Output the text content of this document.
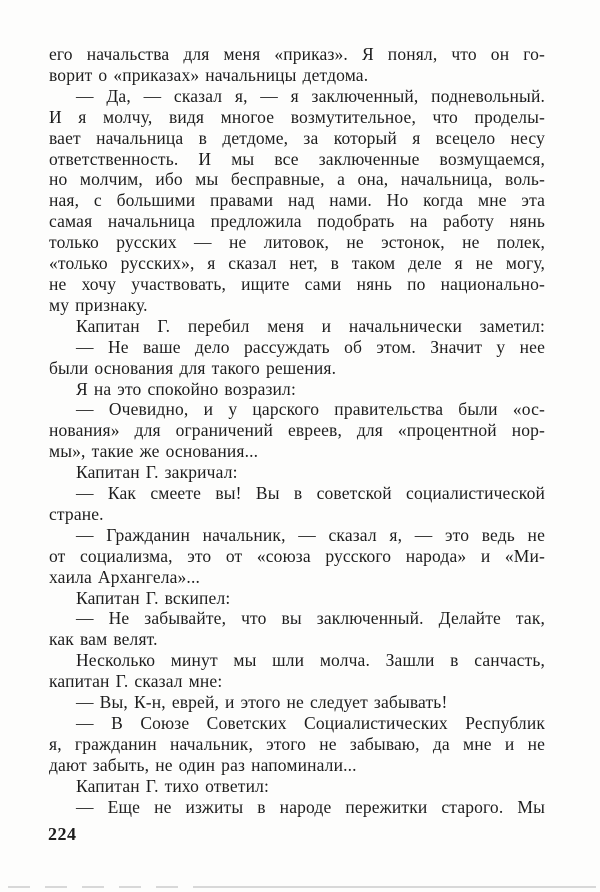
его начальства для меня «приказ». Я понял, что он го-
ворит о «приказах» начальницы детдома.
— Да, — сказал я, — я заключенный, подневольный.
И я молчу, видя многое возмутительное, что проделы-
вает начальница в детдоме, за который я всецело несу
ответственность. И мы все заключенные возмущаемся,
но молчим, ибо мы бесправные, а она, начальница, воль-
ная, с большими правами над нами. Но когда мне эта
самая начальница предложила подобрать на работу нянь
только русских — не литовок, не эстонок, не полек,
«только русских», я сказал нет, в таком деле я не могу,
не хочу участвовать, ищите сами нянь по национально-
му признаку.
Капитан Г. перебил меня и начальнически заметил:
— Не ваше дело рассуждать об этом. Значит у нее
были основания для такого решения.
Я на это спокойно возразил:
— Очевидно, и у царского правительства были «ос-
нования» для ограничений евреев, для «процентной нор-
мы», такие же основания...
Капитан Г. закричал:
— Как смеете вы! Вы в советской социалистической
стране.
— Гражданин начальник, — сказал я, — это ведь не
от социализма, это от «союза русского народа» и «Ми-
хаила Архангела»...
Капитан Г. вскипел:
— Не забывайте, что вы заключенный. Делайте так,
как вам велят.
Несколько минут мы шли молча. Зашли в санчасть,
капитан Г. сказал мне:
— Вы, К-н, еврей, и этого не следует забывать!
— В Союзе Советских Социалистических Республик
я, гражданин начальник, этого не забываю, да мне и не
дают забыть, не один раз напоминали...
Капитан Г. тихо ответил:
— Еще не изжиты в народе пережитки старого. Мы
224
